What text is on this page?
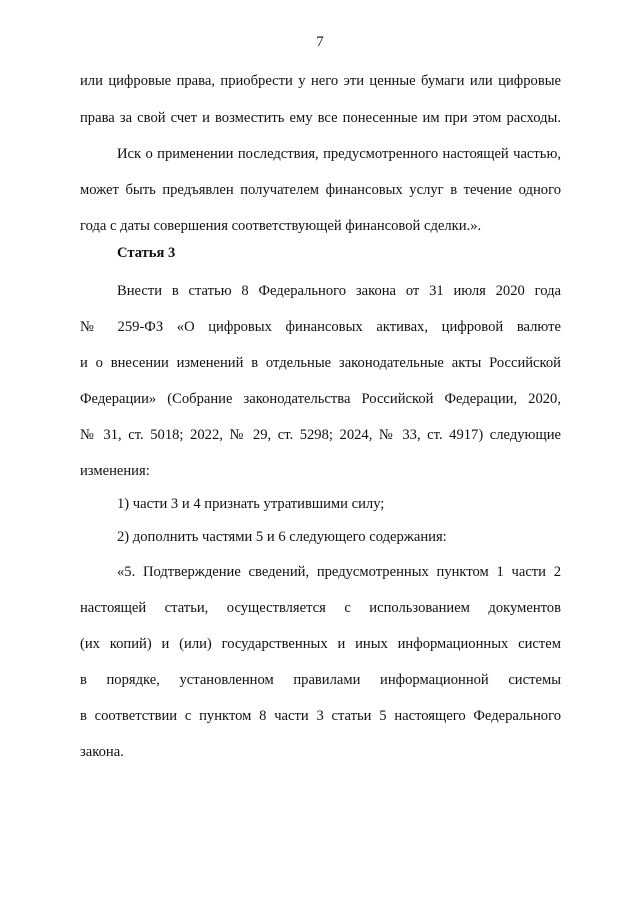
7
или цифровые права, приобрести у него эти ценные бумаги или цифровые
права за свой счет и возместить ему все понесенные им при этом расходы.
Иск о применении последствия, предусмотренного настоящей частью,
может быть предъявлен получателем финансовых услуг в течение одного
года с даты совершения соответствующей финансовой сделки.».
Статья 3
Внести в статью 8 Федерального закона от 31 июля 2020 года
№ 259-ФЗ «О цифровых финансовых активах, цифровой валюте
и о внесении изменений в отдельные законодательные акты Российской
Федерации» (Собрание законодательства Российской Федерации, 2020,
№ 31, ст. 5018; 2022, № 29, ст. 5298; 2024, № 33, ст. 4917) следующие
изменения:
1) части 3 и 4 признать утратившими силу;
2) дополнить частями 5 и 6 следующего содержания:
«5. Подтверждение сведений, предусмотренных пунктом 1 части 2
настоящей статьи, осуществляется с использованием документов
(их копий) и (или) государственных и иных информационных систем
в порядке, установленном правилами информационной системы
в соответствии с пунктом 8 части 3 статьи 5 настоящего Федерального
закона.
